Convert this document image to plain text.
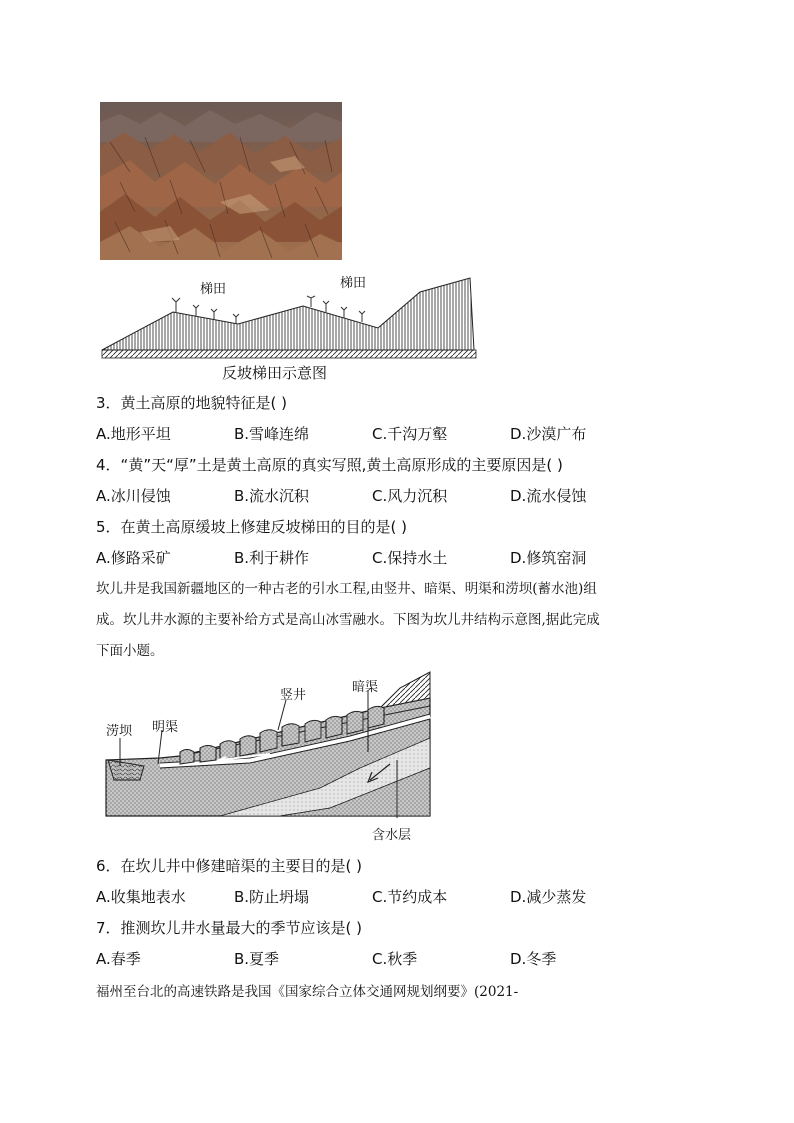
梯田	梯田
反坡梯田示意图
3．黄土高原的地貌特征是( )
A.地形平坦	B.雪峰连绵	C.千沟万壑	D.沙漠广布
4．“黄”天“厚”土是黄土高原的真实写照,黄土高原形成的主要原因是( )
A.冰川侵蚀	B.流水沉积	C.风力沉积	D.流水侵蚀
5．在黄土高原缓坡上修建反坡梯田的目的是( )
A.修路采矿	B.利于耕作	C.保持水土	D.修筑窑洞
坎儿井是我国新疆地区的一种古老的引水工程,由竖井、暗渠、明渠和涝坝(蓄水池)组
成。坎儿井水源的主要补给方式是高山冰雪融水。下图为坎儿井结构示意图,据此完成
下面小题。
竖井
暗渠
涝坝 明渠
含水层
6．在坎儿井中修建暗渠的主要目的是( )
A.收集地表水	B.防止坍塌	C.节约成本	D.减少蒸发
7．推测坎儿井水量最大的季节应该是( )
A.春季	B.夏季	C.秋季	D.冬季
福州至台北的高速铁路是我国《国家综合立体交通网规划纲要》(2021-
